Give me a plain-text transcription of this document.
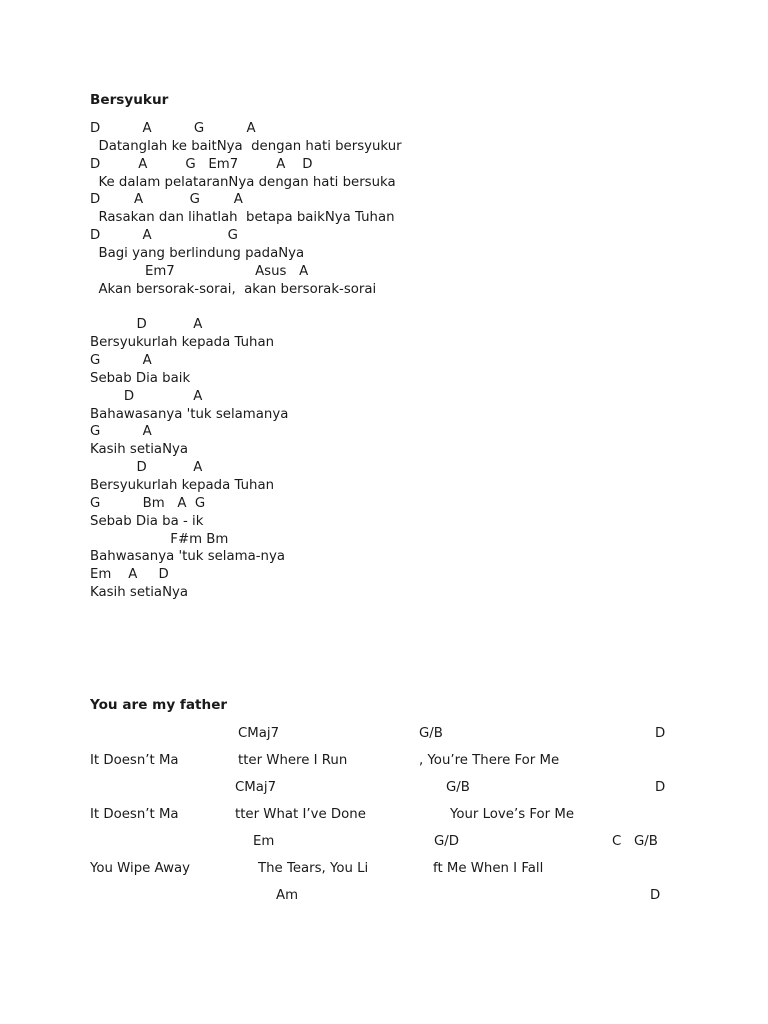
Bersyukur
D          A          G          A
Datanglah ke baitNya  dengan hati bersyukur
D         A         G   Em7         A    D
Ke dalam pelataranNya dengan hati bersuka
D        A           G        A
Rasakan dan lihatlah  betapa baikNya Tuhan
D          A                  G
Bagi yang berlindung padaNya
Em7                   Asus   A
Akan bersorak-sorai,  akan bersorak-sorai
D           A
Bersyukurlah kepada Tuhan
G          A
Sebab Dia baik
D              A
Bahawasanya 'tuk selamanya
G          A
Kasih setiaNya
D           A
Bersyukurlah kepada Tuhan
G          Bm   A  G
Sebab Dia ba - ik
F#m Bm
Bahwasanya 'tuk selama-nya
Em    A     D
Kasih setiaNya
You are my father
CMaj7	G/B	D
It Doesn’t Ma	tter Where I Run	, You’re There For Me
CMaj7	G/B	D
It Doesn’t Ma	tter What I’ve Done	Your Love’s For Me
Em	G/D	C   G/B
You Wipe Away	The Tears, You Li	ft Me When I Fall
Am	D
